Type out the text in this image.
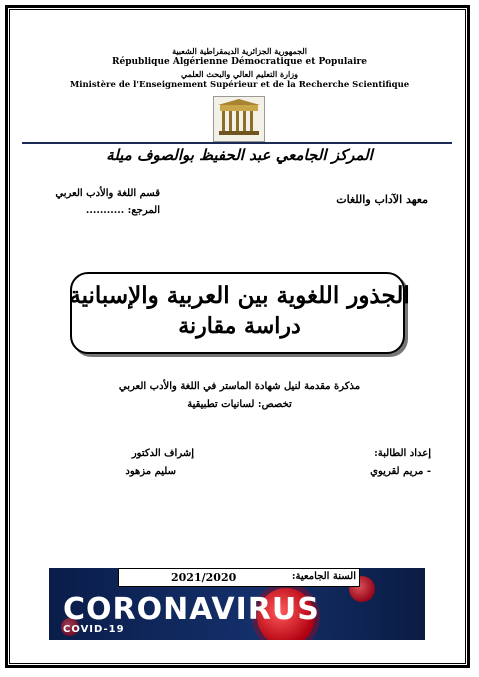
الجمهورية الجزائرية الديمقراطية الشعبية
République Algérienne Démocratique et Populaire
وزارة التعليم العالي والبحث العلمي
Ministère de l'Enseignement Supérieur et de la Recherche Scientifique
المركز الجامعي عبد الحفيظ بوالصوف ميلة
معهد الآداب واللغات
قسم اللغة والأدب العربي
المرجع: ...........
الجذور اللغوية بين العربية والإسبانية
دراسة مقارنة
مذكرة مقدمة لنيل شهادة الماستر في اللغة والأدب العربي
تخصص: لسانيات تطبيقية
إعداد الطالبة:
- مريم لقريوي
إشراف الدكتور
سليم مزهود
CORONAVIRUS
COVID-19
2021/2020	السنة الجامعية:
